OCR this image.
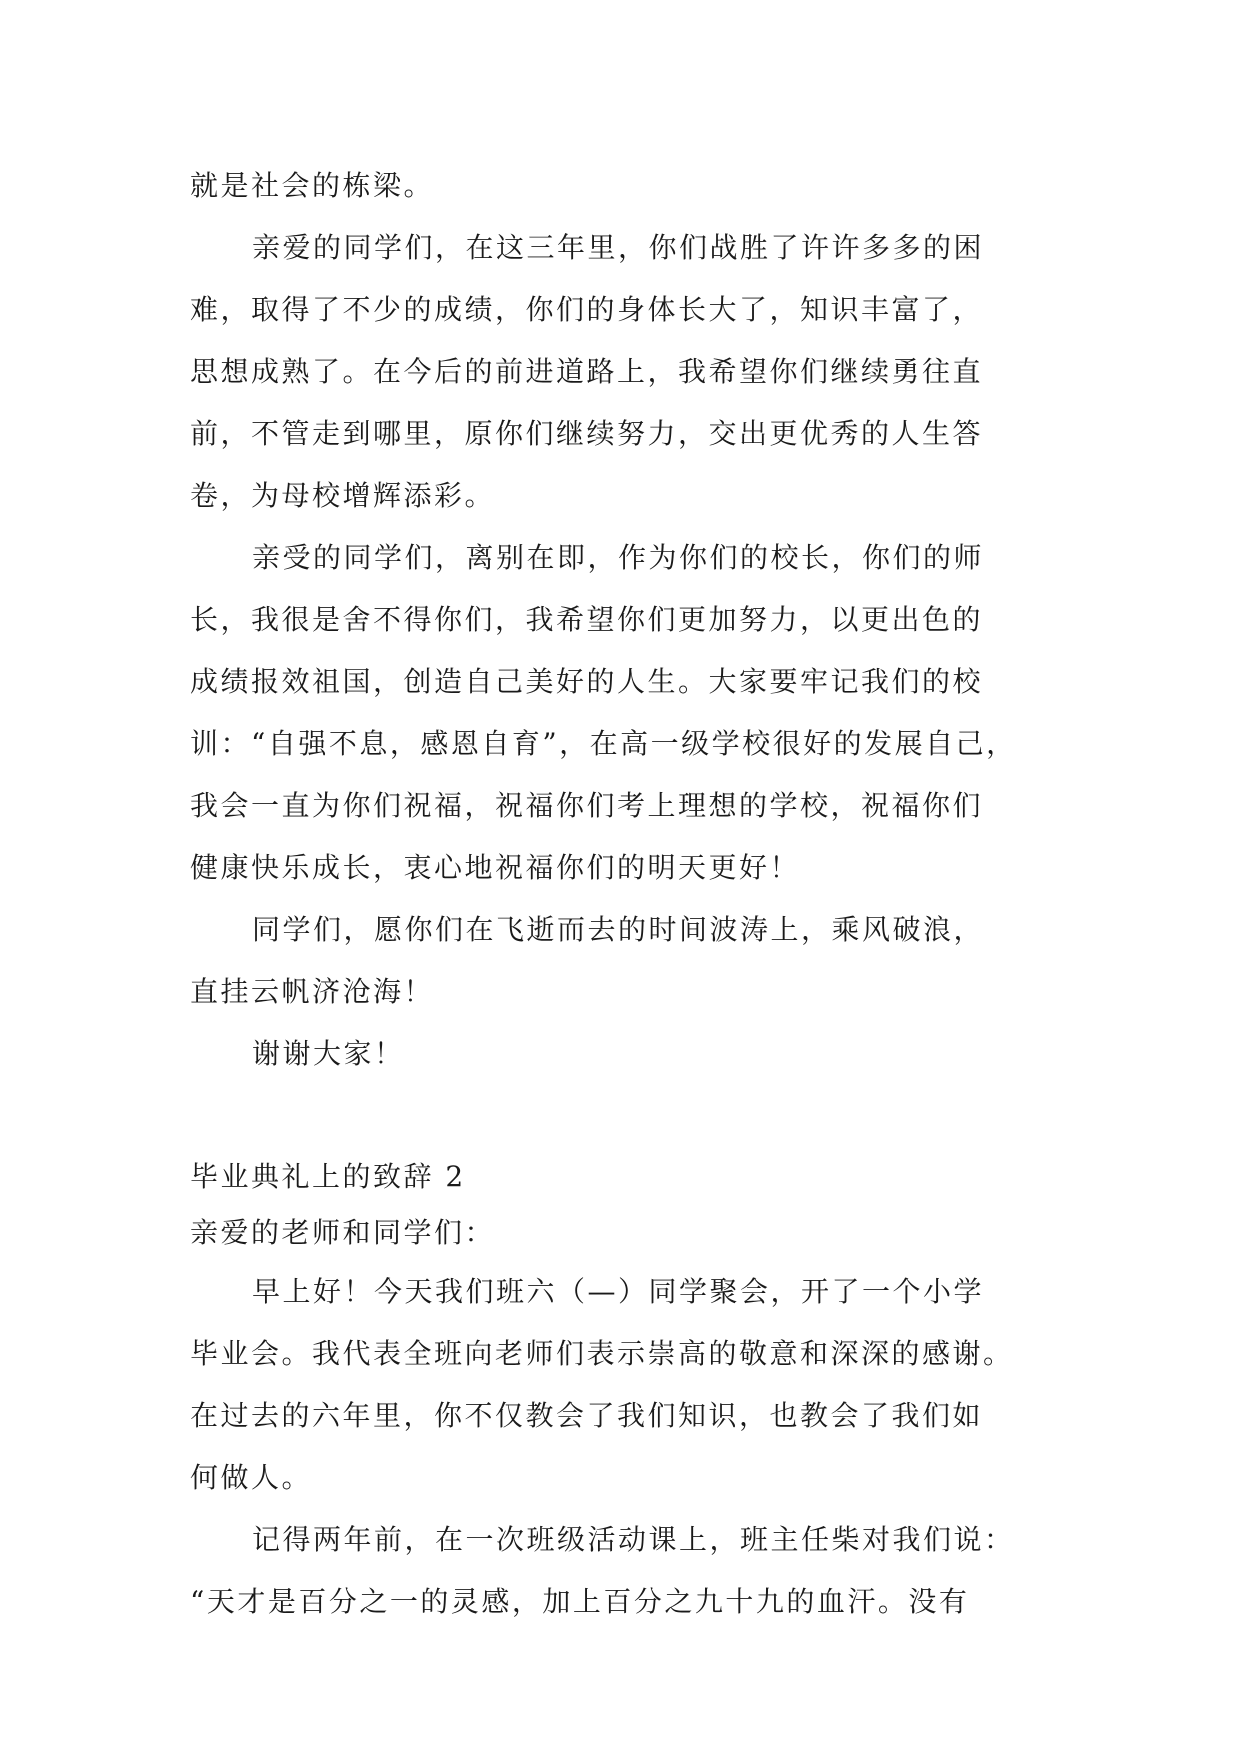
就是社会的栋梁。
亲爱的同学们，在这三年里，你们战胜了许许多多的困
难，取得了不少的成绩，你们的身体长大了，知识丰富了，
思想成熟了。在今后的前进道路上，我希望你们继续勇往直
前，不管走到哪里，原你们继续努力，交出更优秀的人生答
卷，为母校增辉添彩。
亲受的同学们，离别在即，作为你们的校长，你们的师
长，我很是舍不得你们，我希望你们更加努力，以更出色的
成绩报效祖国，创造自己美好的人生。大家要牢记我们的校
训：“自强不息，感恩自育”，在高一级学校很好的发展自己，
我会一直为你们祝福，祝福你们考上理想的学校，祝福你们
健康快乐成长，衷心地祝福你们的明天更好！
同学们，愿你们在飞逝而去的时间波涛上，乘风破浪，
直挂云帆济沧海！
谢谢大家！
毕业典礼上的致辞 2
亲爱的老师和同学们：
早上好！今天我们班六（—）同学聚会，开了一个小学
毕业会。我代表全班向老师们表示崇高的敬意和深深的感谢。
在过去的六年里，你不仅教会了我们知识，也教会了我们如
何做人。
记得两年前，在一次班级活动课上，班主任柴对我们说：
“天才是百分之一的灵感，加上百分之九十九的血汗。没有
